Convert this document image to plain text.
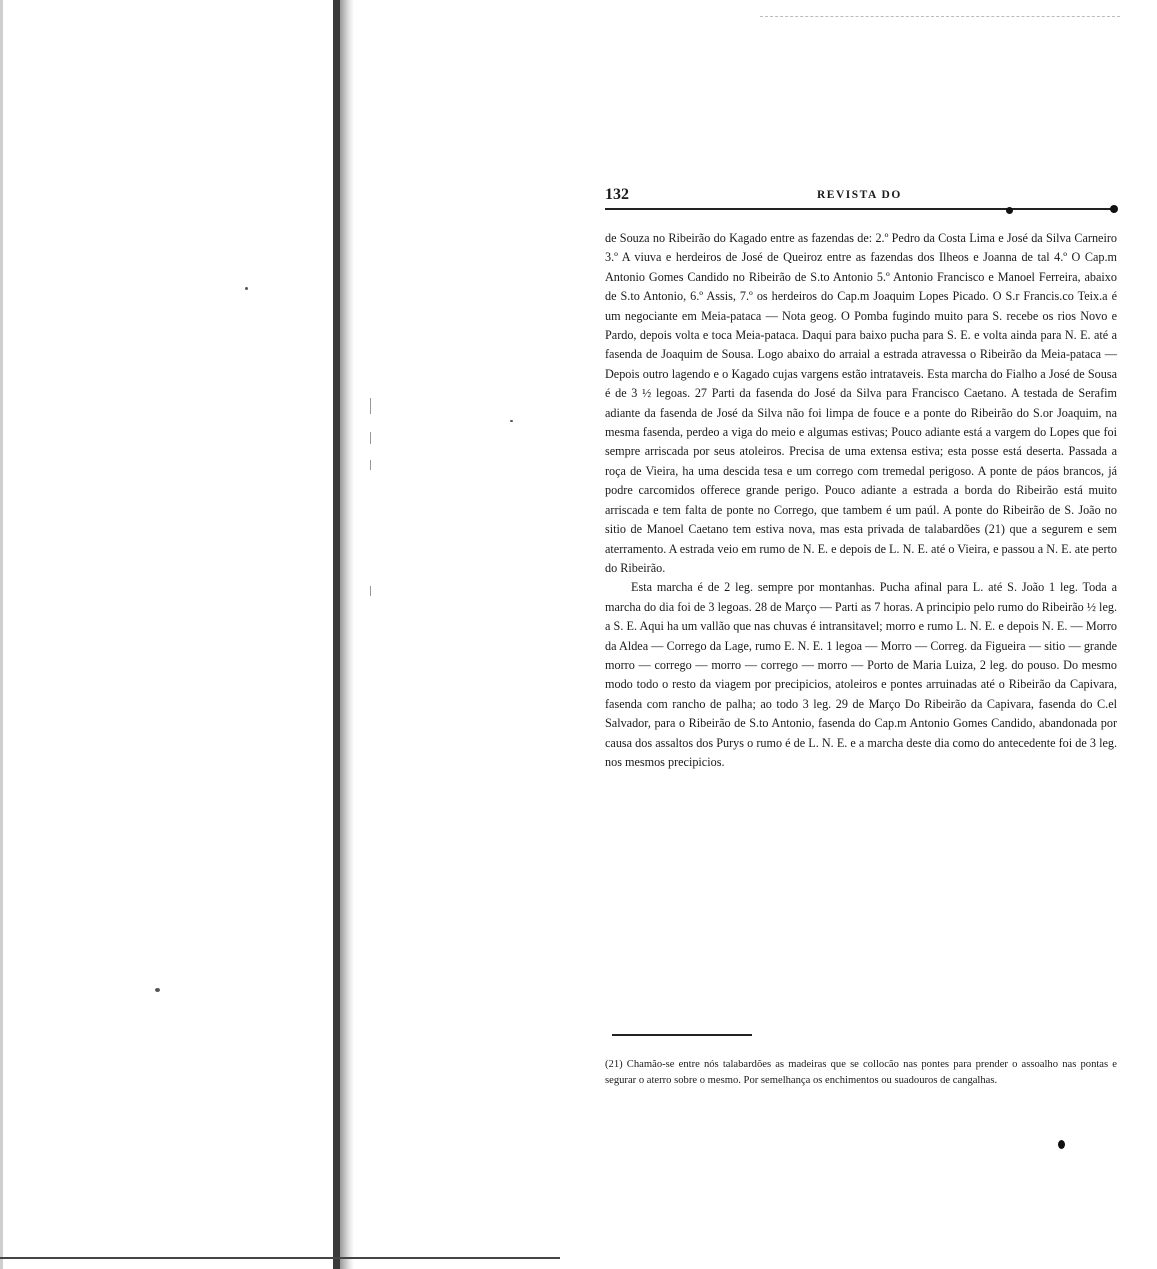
132	REVISTA DO

de Souza no Ribeirão do Kagado entre as fazendas de: 2.º Pedro da Costa Lima e José da Silva Carneiro 3.º A viuva e herdeiros de José de Queiroz entre as fazendas dos Ilheos e Joanna de tal 4.º O Cap.m Antonio Gomes Candido no Ribeirão de S.to Antonio 5.º Antonio Francisco e Manoel Ferreira, abaixo de S.to Antonio, 6.º Assis, 7.º os herdeiros do Cap.m Joaquim Lopes Picado. O S.r Francis.co Teix.a é um negociante em Meia-pataca — Nota geog. O Pomba fugindo muito para S. recebe os rios Novo e Pardo, depois volta e toca Meia-pataca. Daqui para baixo pucha para S. E. e volta ainda para N. E. até a fasenda de Joaquim de Sousa. Logo abaixo do arraial a estrada atravessa o Ribeirão da Meia-pataca — Depois outro lagendo e o Kagado cujas vargens estão intrataveis. Esta marcha do Fialho a José de Sousa é de 3 ½ legoas. 27 Parti da fasenda do José da Silva para Francisco Caetano. A testada de Serafim adiante da fasenda de José da Silva não foi limpa de fouce e a ponte do Ribeirão do S.or Joaquim, na mesma fasenda, perdeo a viga do meio e algumas estivas; Pouco adiante está a vargem do Lopes que foi sempre arriscada por seus atoleiros. Precisa de uma extensa estiva; esta posse está deserta. Passada a roça de Vieira, ha uma descida tesa e um corrego com tremedal perigoso. A ponte de páos brancos, já podre carcomidos offerece grande perigo. Pouco adiante a estrada a borda do Ribeirão está muito arriscada e tem falta de ponte no Corrego, que tambem é um paúl. A ponte do Ribeirão de S. João no sitio de Manoel Caetano tem estiva nova, mas esta privada de talabardões (21) que a segurem e sem aterramento. A estrada veio em rumo de N. E. e depois de L. N. E. até o Vieira, e passou a N. E. ate perto do Ribeirão.

Esta marcha é de 2 leg. sempre por montanhas. Pucha afinal para L. até S. João 1 leg. Toda a marcha do dia foi de 3 legoas. 28 de Março — Parti as 7 horas. A principio pelo rumo do Ribeirão ½ leg. a S. E. Aqui ha um vallão que nas chuvas é intransitavel; morro e rumo L. N. E. e depois N. E. — Morro da Aldea — Corrego da Lage, rumo E. N. E. 1 legoa — Morro — Correg. da Figueira — sitio — grande morro — corrego — morro — corrego — morro — Porto de Maria Luiza, 2 leg. do pouso. Do mesmo modo todo o resto da viagem por precipicios, atoleiros e pontes arruinadas até o Ribeirão da Capivara, fasenda com rancho de palha; ao todo 3 leg. 29 de Março Do Ribeirão da Capivara, fasenda do C.el Salvador, para o Ribeirão de S.to Antonio, fasenda do Cap.m Antonio Gomes Candido, abandonada por causa dos assaltos dos Purys o rumo é de L. N. E. e a marcha deste dia como do antecedente foi de 3 leg. nos mesmos precipicios.

(21) Chamão-se entre nós talabardões as madeiras que se collocão nas pontes para prender o assoalho nas pontas e segurar o aterro sobre o mesmo. Por semelhança os enchimentos ou suadouros de cangalhas.
